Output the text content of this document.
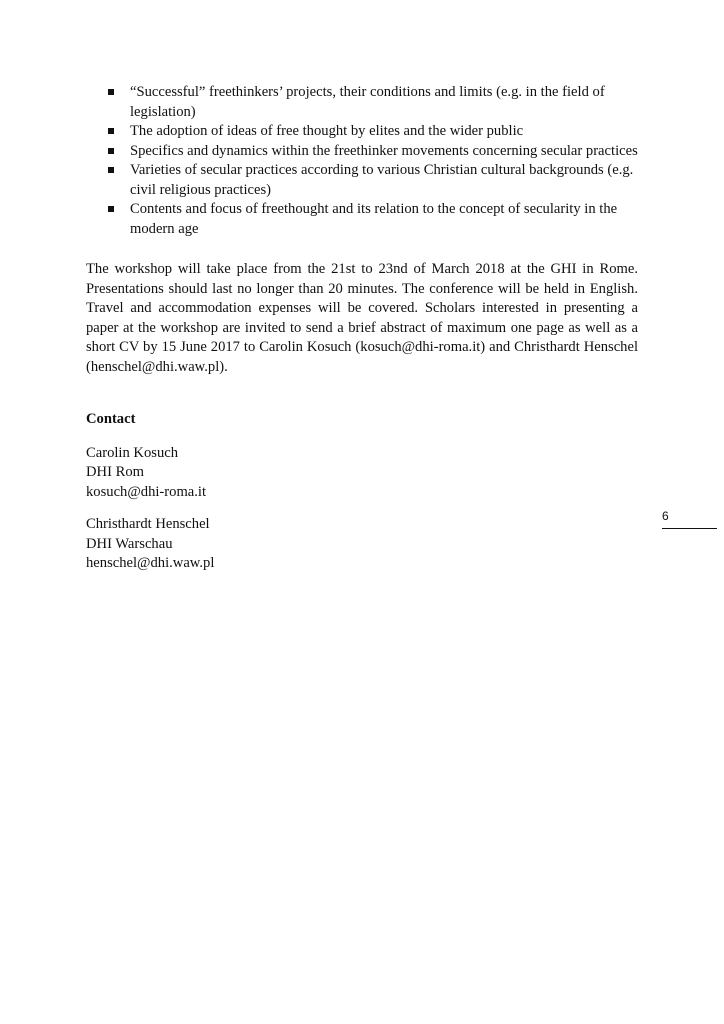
“Successful” freethinkers’ projects, their conditions and limits (e.g. in the field of legislation)
The adoption of ideas of free thought by elites and the wider public
Specifics and dynamics within the freethinker movements concerning secular practices
Varieties of secular practices according to various Christian cultural backgrounds (e.g. civil religious practices)
Contents and focus of freethought and its relation to the concept of secularity in the modern age

The workshop will take place from the 21st to 23nd of March 2018 at the GHI in Rome. Presentations should last no longer than 20 minutes. The conference will be held in English. Travel and accommodation expenses will be covered. Scholars interested in presenting a paper at the workshop are invited to send a brief abstract of maximum one page as well as a short CV by 15 June 2017 to Carolin Kosuch (kosuch@dhi-roma.it) and Christhardt Henschel (henschel@dhi.waw.pl).

Contact
Carolin Kosuch
DHI Rom
kosuch@dhi-roma.it
Christhardt Henschel
DHI Warschau
henschel@dhi.waw.pl
6
